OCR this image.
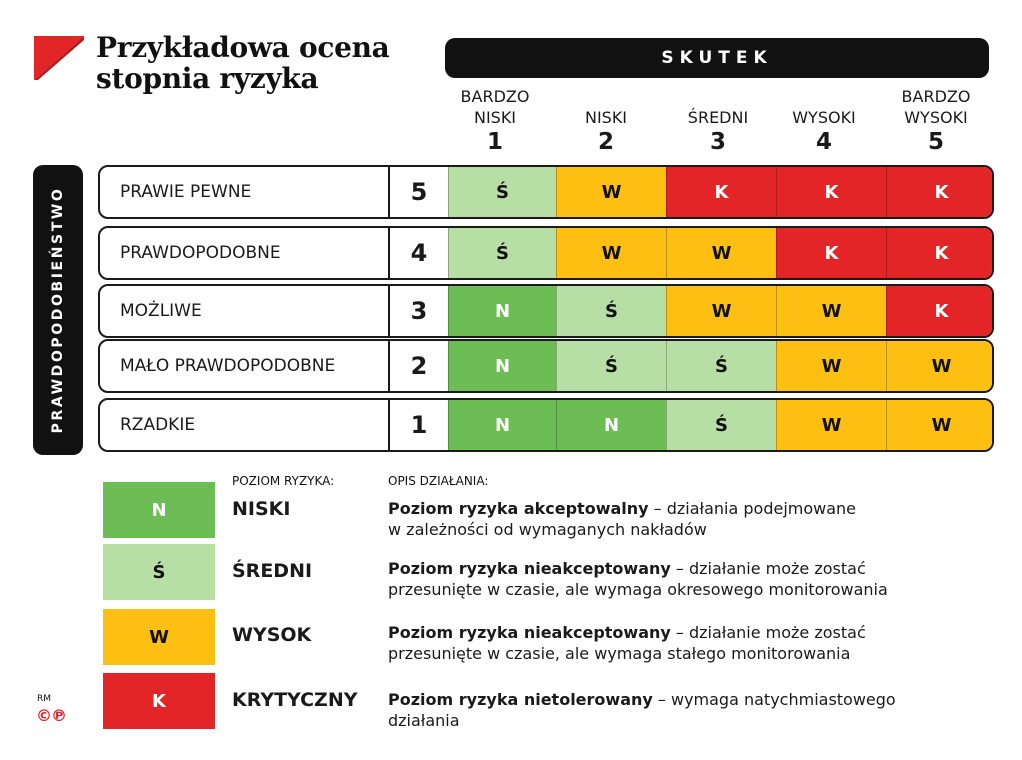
Przykładowa ocena
stopnia ryzyka
SKUTEK
BARDZO
NISKI
1

NISKI
2

ŚREDNI
3

WYSOKI
4
BARDZO
WYSOKI
5
PRAWDOPODOBIEŃSTWO	PRAWIE PEWNE	5	Ś	W	K	K	K
PRAWDOPODOBNE	4	Ś	W	W	K	K
MOŻLIWE	3	N	Ś	W	W	K
MAŁO PRAWDOPODOBNE	2	N	Ś	Ś	W	W
RZADKIE	1	N	N	Ś	W	W
POZIOM RYZYKA:	OPIS DZIAŁANIA:
N	NISKI	Poziom ryzyka akceptowalny – działania podejmowane
w zależności od wymaganych nakładów
Ś	ŚREDNI	Poziom ryzyka nieakceptowany – działanie może zostać
przesunięte w czasie, ale wymaga okresowego monitorowania
W	WYSOK	Poziom ryzyka nieakceptowany – działanie może zostać
przesunięte w czasie, ale wymaga stałego monitorowania
K	KRYTYCZNY Poziom ryzyka nietolerowany – wymaga natychmiastowego
działania
RM
©℗
